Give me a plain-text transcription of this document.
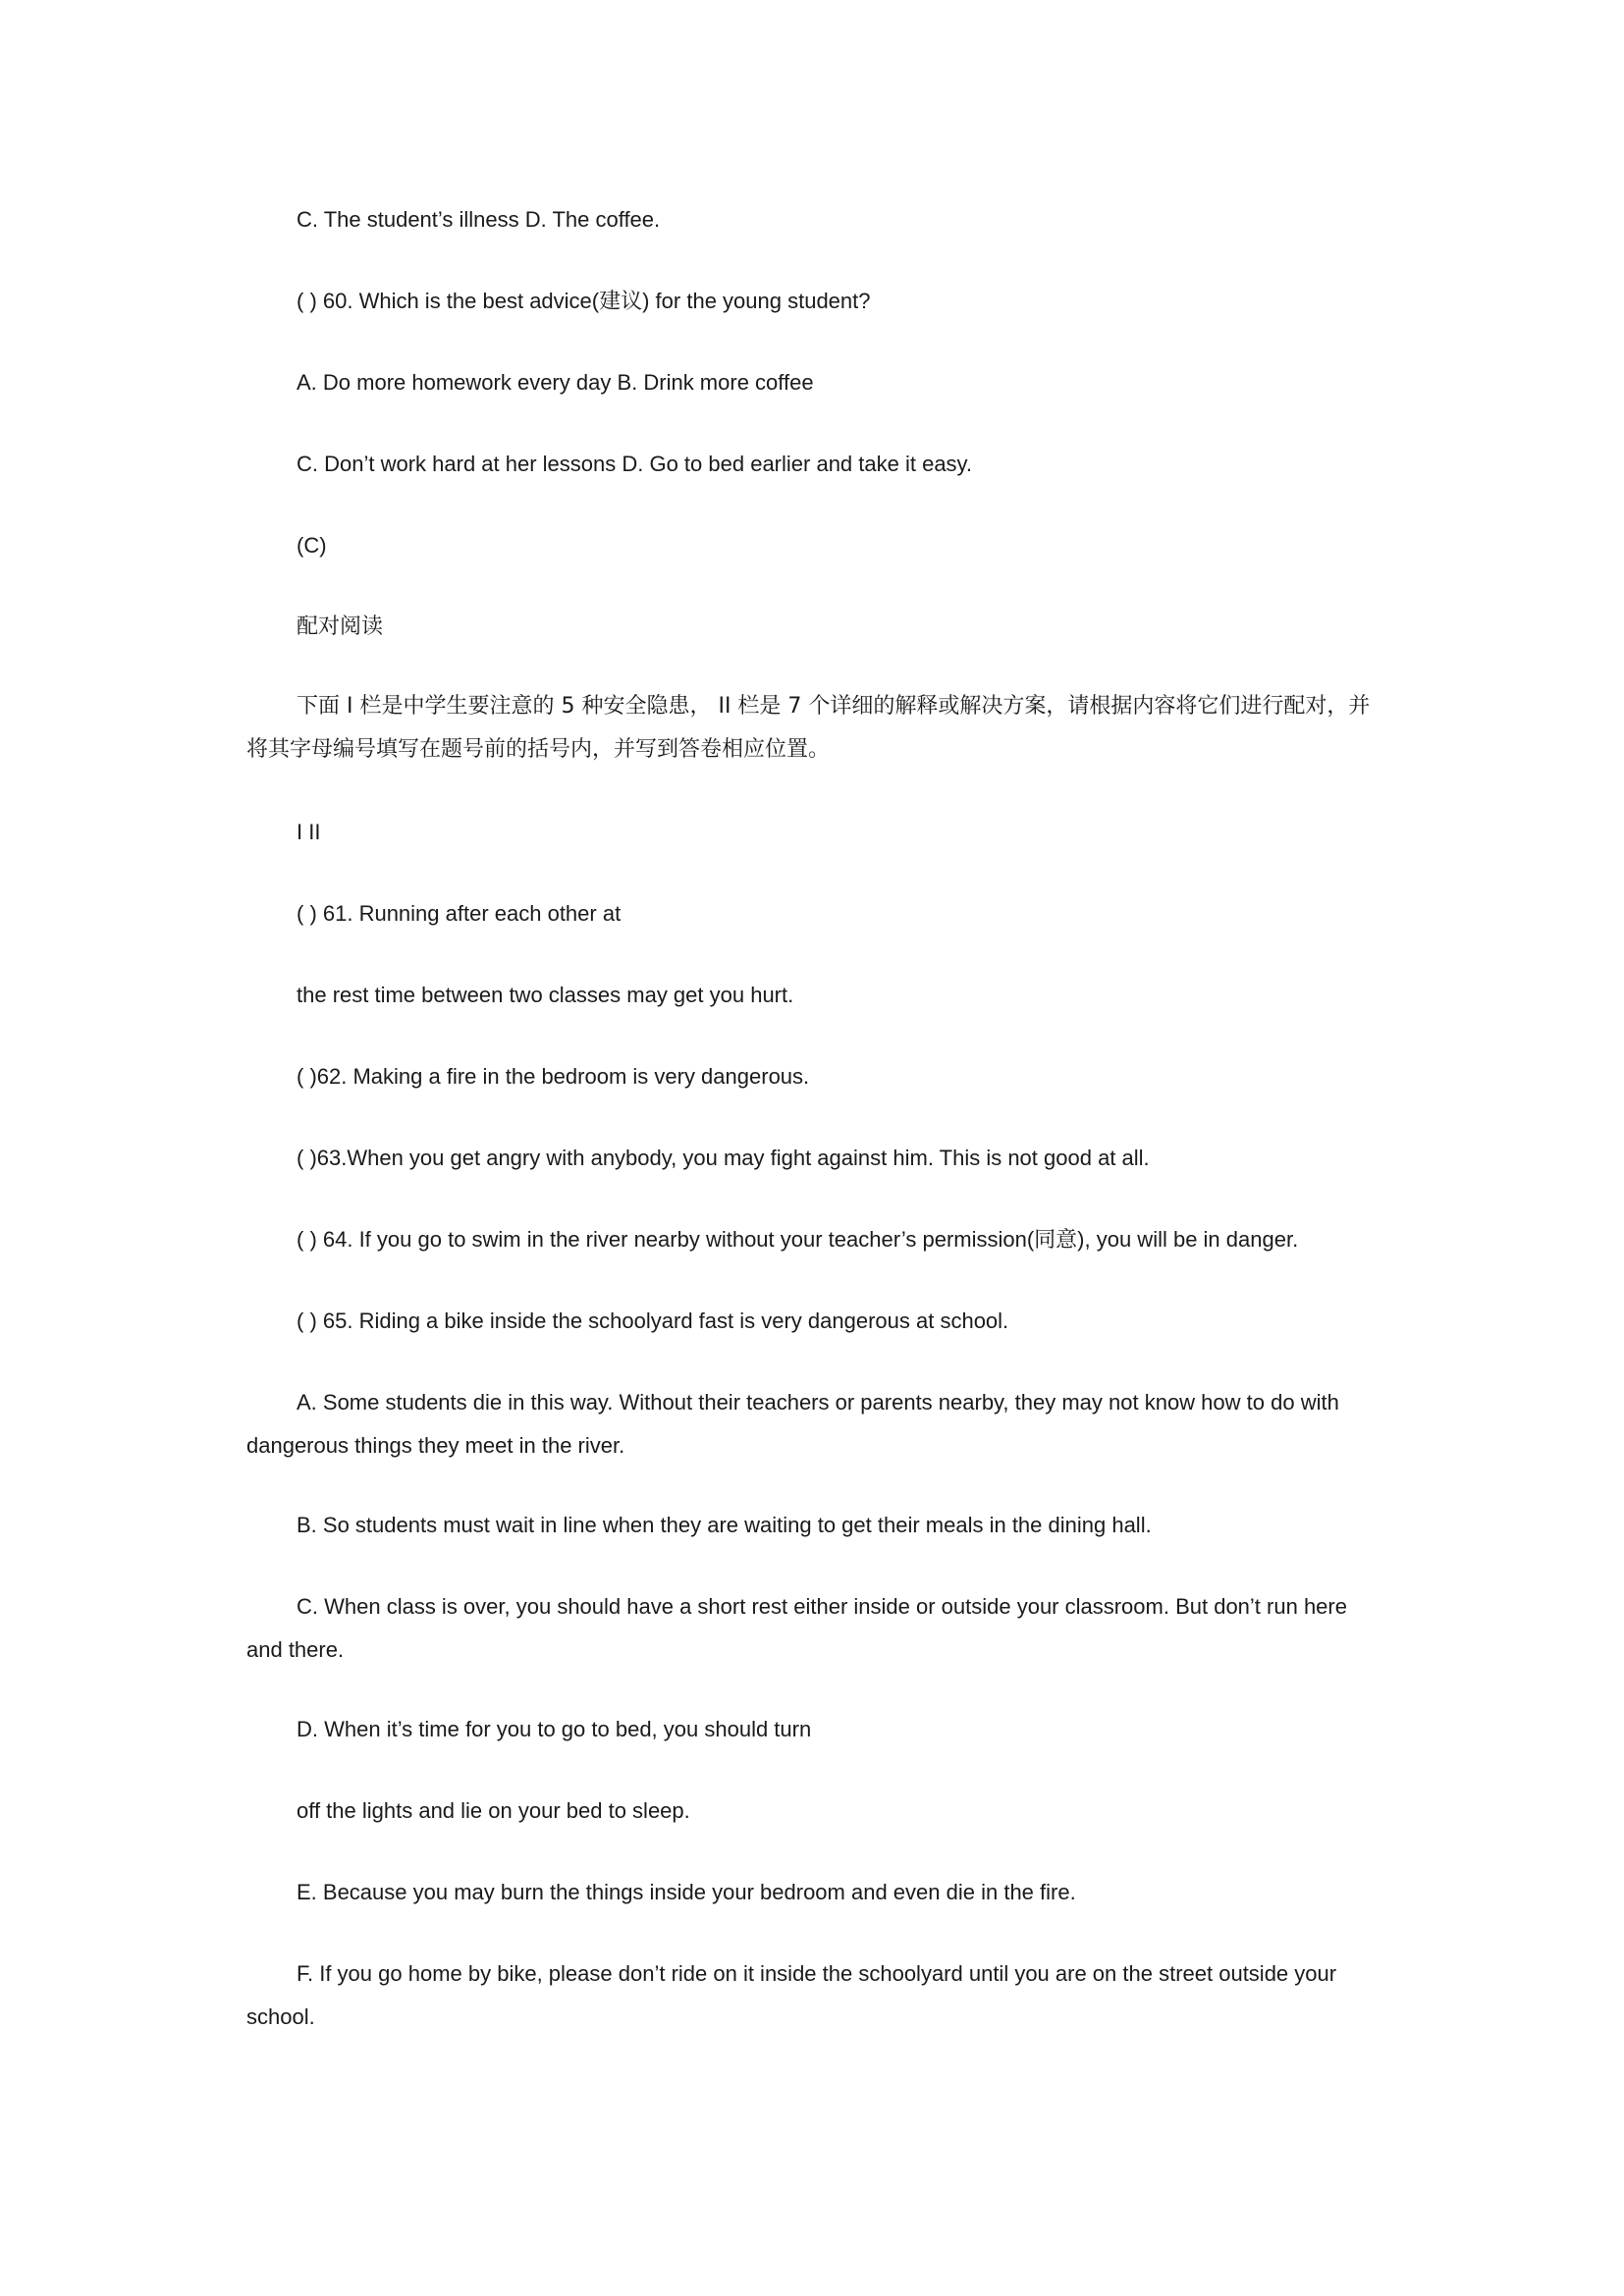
C. The student’s illness D. The coffee.
( ) 60. Which is the best advice(建议) for the young student?
A. Do more homework every day B. Drink more coffee
C. Don’t work hard at her lessons D. Go to bed earlier and take it easy.
(C)
配对阅读
下面 I 栏是中学生要注意的 5 种安全隐患， II 栏是 7 个详细的解释或解决方案，请根据内容将它们进行配对，并将其字母编号填写在题号前的括号内，并写到答卷相应位置。
I II
( ) 61. Running after each other at
the rest time between two classes may get you hurt.
( )62. Making a fire in the bedroom is very dangerous.
( )63.When you get angry with anybody, you may fight against him. This is not good at all.
( ) 64. If you go to swim in the river nearby without your teacher’s permission(同意), you will be in danger.
( ) 65. Riding a bike inside the schoolyard fast is very dangerous at school.
A. Some students die in this way. Without their teachers or parents nearby, they may not know how to do with dangerous things they meet in the river.
B. So students must wait in line when they are waiting to get their meals in the dining hall.
C. When class is over, you should have a short rest either inside or outside your classroom. But don’t run here and there.
D. When it’s time for you to go to bed, you should turn
off the lights and lie on your bed to sleep.
E. Because you may burn the things inside your bedroom and even die in the fire.
F. If you go home by bike, please don’t ride on it inside the schoolyard until you are on the street outside your school.
